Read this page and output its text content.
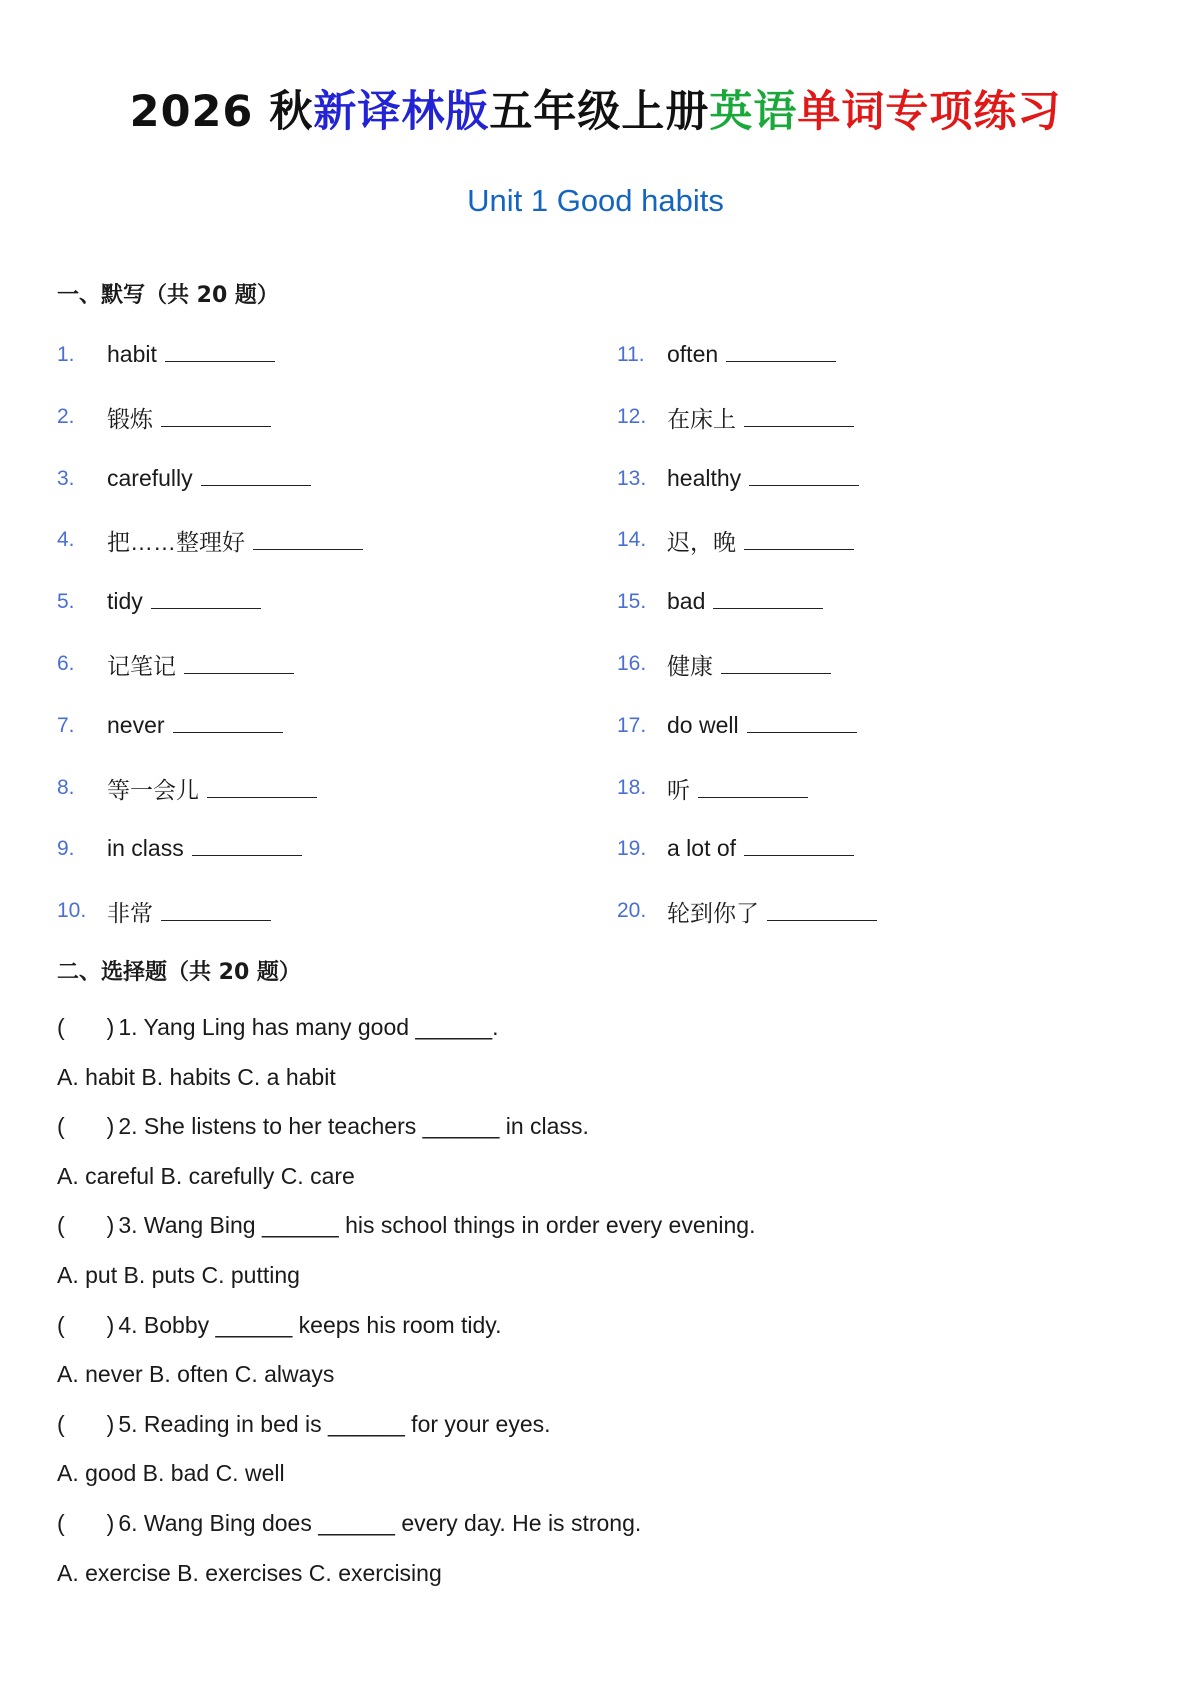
2026 秋新译林版五年级上册英语单词专项练习
Unit 1 Good habits
一、默写（共 20 题）
1. habit
2. 锻炼
3. carefully
4. 把……整理好
5. tidy
6. 记笔记
7. never
8. 等一会儿
9. in class
10. 非常
11. often
12. 在床上
13. healthy
14. 迟，晚
15. bad
16. 健康
17. do well
18. 听
19. a lot of
20. 轮到你了
二、选择题（共 20 题）
( ) 1. Yang Ling has many good ______.
A. habit B. habits C. a habit
( ) 2. She listens to her teachers ______ in class.
A. careful B. carefully C. care
( ) 3. Wang Bing ______ his school things in order every evening.
A. put B. puts C. putting
( ) 4. Bobby ______ keeps his room tidy.
A. never B. often C. always
( ) 5. Reading in bed is ______ for your eyes.
A. good B. bad C. well
( ) 6. Wang Bing does ______ every day. He is strong.
A. exercise B. exercises C. exercising
